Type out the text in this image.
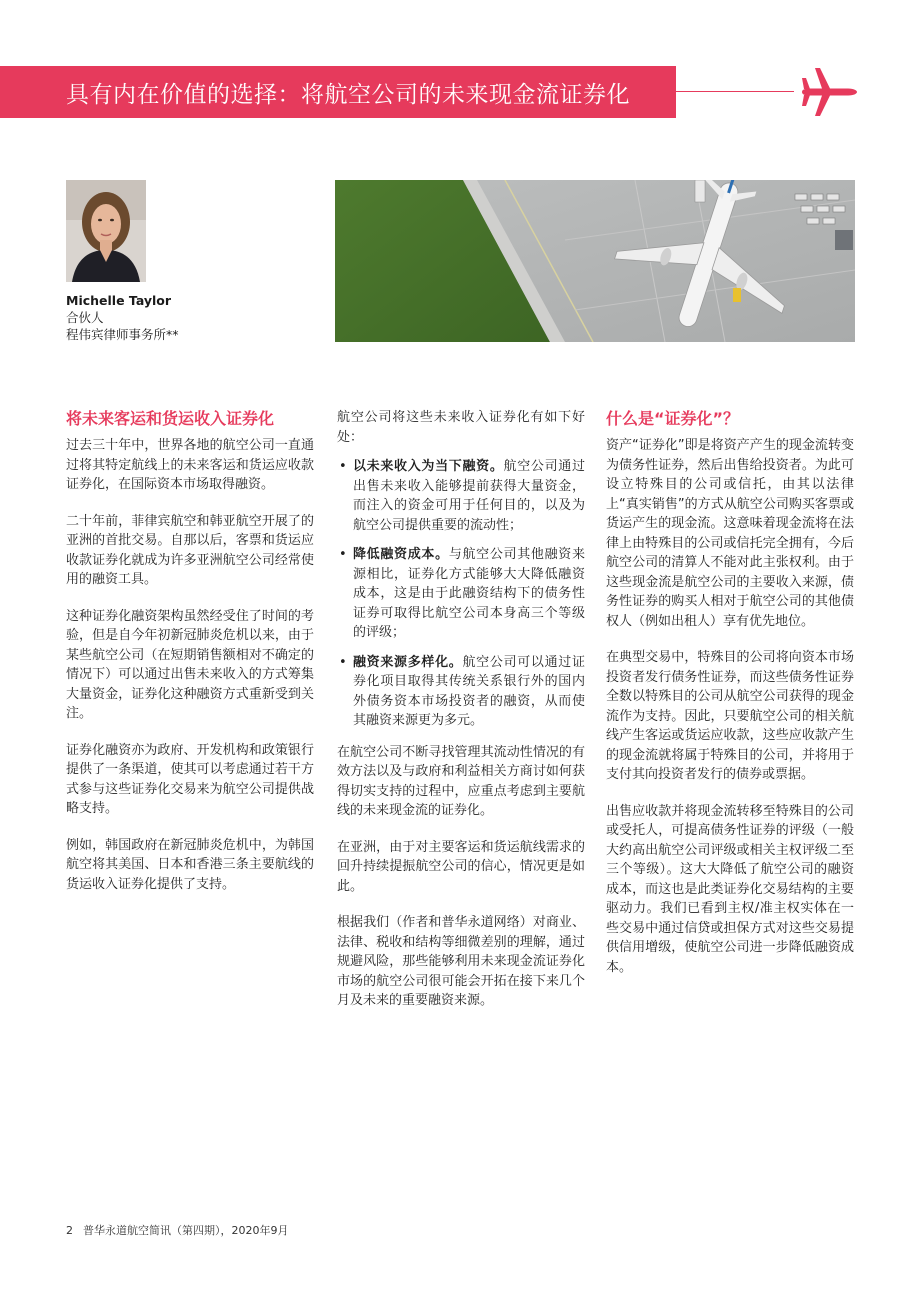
具有内在价值的选择：将航空公司的未来现金流证券化
Michelle Taylor
合伙人
程伟宾律师事务所**
将未来客运和货运收入证券化

过去三十年中，世界各地的航空公司一直通过将其特定航线上的未来客运和货运应收款证券化，在国际资本市场取得融资。

二十年前，菲律宾航空和韩亚航空开展了的亚洲的首批交易。自那以后，客票和货运应收款证券化就成为许多亚洲航空公司经常使用的融资工具。

这种证券化融资架构虽然经受住了时间的考验，但是自今年初新冠肺炎危机以来，由于某些航空公司（在短期销售额相对不确定的情况下）可以通过出售未来收入的方式筹集大量资金，证券化这种融资方式重新受到关注。

证券化融资亦为政府、开发机构和政策银行提供了一条渠道，使其可以考虑通过若干方式参与这些证券化交易来为航空公司提供战略支持。

例如，韩国政府在新冠肺炎危机中，为韩国航空将其美国、日本和香港三条主要航线的货运收入证券化提供了支持。

航空公司将这些未来收入证券化有如下好处：

• 以未来收入为当下融资。航空公司通过出售未来收入能够提前获得大量资金，而注入的资金可用于任何目的，以及为航空公司提供重要的流动性；
• 降低融资成本。与航空公司其他融资来源相比，证券化方式能够大大降低融资成本，这是由于此融资结构下的债务性证券可取得比航空公司本身高三个等级的评级；
• 融资来源多样化。航空公司可以通过证券化项目取得其传统关系银行外的国内外债务资本市场投资者的融资，从而使其融资来源更为多元。

在航空公司不断寻找管理其流动性情况的有效方法以及与政府和利益相关方商讨如何获得切实支持的过程中，应重点考虑到主要航线的未来现金流的证券化。

在亚洲，由于对主要客运和货运航线需求的回升持续提振航空公司的信心，情况更是如此。

根据我们（作者和普华永道网络）对商业、法律、税收和结构等细微差别的理解，通过规避风险，那些能够利用未来现金流证券化市场的航空公司很可能会开拓在接下来几个月及未来的重要融资来源。

什么是“证券化”？

资产“证券化”即是将资产产生的现金流转变为债务性证券，然后出售给投资者。为此可设立特殊目的公司或信托，由其以法律上“真实销售”的方式从航空公司购买客票或货运产生的现金流。这意味着现金流将在法律上由特殊目的公司或信托完全拥有，今后航空公司的清算人不能对此主张权利。由于这些现金流是航空公司的主要收入来源，债务性证券的购买人相对于航空公司的其他债权人（例如出租人）享有优先地位。

在典型交易中，特殊目的公司将向资本市场投资者发行债务性证券，而这些债务性证券全数以特殊目的公司从航空公司获得的现金流作为支持。因此，只要航空公司的相关航线产生客运或货运应收款，这些应收款产生的现金流就将属于特殊目的公司，并将用于支付其向投资者发行的债券或票据。

出售应收款并将现金流转移至特殊目的公司或受托人，可提高债务性证券的评级（一般大约高出航空公司评级或相关主权评级二至三个等级）。这大大降低了航空公司的融资成本，而这也是此类证券化交易结构的主要驱动力。我们已看到主权/准主权实体在一些交易中通过信贷或担保方式对这些交易提供信用增级，使航空公司进一步降低融资成本。

2 普华永道航空简讯（第四期），2020年9月
